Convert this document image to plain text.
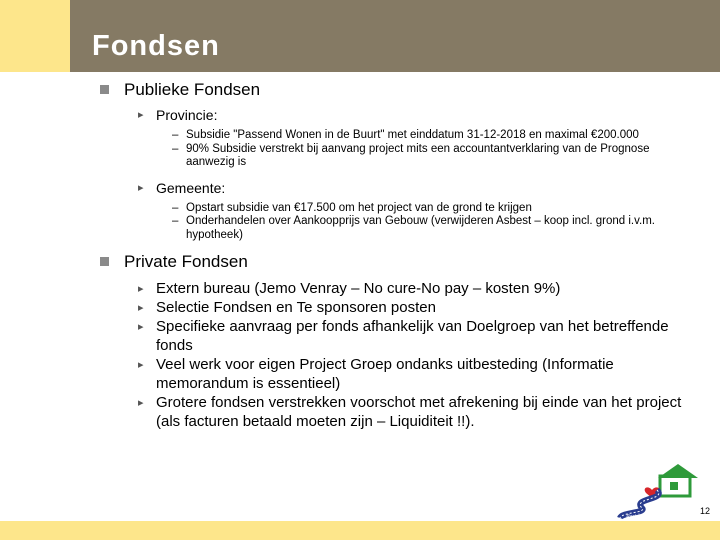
Fondsen
Publieke Fondsen
▸ Provincie:
– Subsidie "Passend Wonen in de Buurt" met einddatum 31-12-2018 en maximal €200.000
– 90% Subsidie verstrekt bij aanvang project mits een accountantverklaring van de Prognose aanwezig is
▸ Gemeente:
– Opstart subsidie van €17.500 om het project van de grond te krijgen
– Onderhandelen over Aankoopprijs van Gebouw (verwijderen Asbest – koop incl. grond i.v.m. hypotheek)
Private Fondsen
▸ Extern bureau (Jemo Venray – No cure-No pay – kosten 9%)
▸ Selectie Fondsen en Te sponsoren posten
▸ Specifieke aanvraag per fonds afhankelijk van Doelgroep van het betreffende fonds
▸ Veel werk voor eigen Project Groep ondanks uitbesteding (Informatie memorandum is essentieel)
▸ Grotere fondsen verstrekken voorschot met afrekening bij einde van het project (als facturen betaald moeten zijn – Liquiditeit !!).
Residence de Smit
12
